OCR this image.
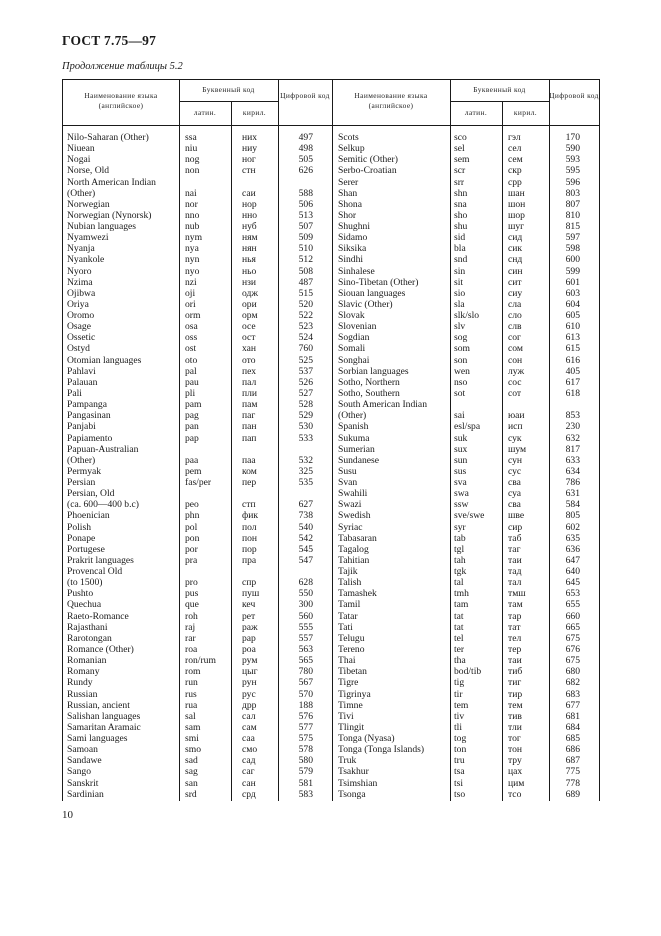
ГОСТ 7.75—97
Продолжение таблицы 5.2
Наименование языка (английское)
Буквенный код
латин.	кирил.
Цифровой код	Наименование языка (английское)
Буквенный код
латин.	кирил.
Цифровой код
Nilo-Saharan (Other)	ssa	ниx	497	Scots	sco	гэл	170
Niuean	niu	ниу	498	Selkup	sel	сел	590
Nogai	nog	ног	505	Semitic (Other)	sem	сем	593
Norse, Old	non	стн	626	Serbo-Croatian	scr	скр	595
North American Indian	Serer	srr	срр	596
(Other)	nai	саи	588	Shan	shn	шан	803
Norwegian	nor	нор	506	Shona	sna	шон	807
Norwegian (Nynorsk)	nno	нно	513	Shor	sho	шор	810
Nubian languages	nub	нуб	507	Shughni	shu	шуг	815
Nyamwezi	nym	ням	509	Sidamo	sid	сид	597
Nyanja	nya	нян	510	Siksika	bla	сик	598
Nyankole	nyn	нья	512	Sindhi	snd	снд	600
Nyoro	nyo	ньо	508	Sinhalese	sin	син	599
Nzima	nzi	нзи	487	Sino-Tibetan (Other)	sit	сит	601
Ojibwa	oji	одж	515	Siouan languages	sio	сиу	603
Oriya	ori	ори	520	Slavic (Other)	sla	сла	604
Oromo	orm	орм	522	Slovak	slk/slo	сло	605
Osage	osa	осе	523	Slovenian	slv	слв	610
Ossetic	oss	ост	524	Sogdian	sog	сог	613
Ostyd	ost	хан	760	Somali	som	сом	615
Otomian languages	oto	ото	525	Songhai	son	сон	616
Pahlavi	pal	пех	537	Sorbian languages	wen	луж	405
Palauan	pau	пал	526	Sotho, Northern	nso	сос	617
Pali	pli	пли	527	Sotho, Southern	sot	сот	618
Pampanga	pam	пам	528	South American Indian
Pangasinan	pag	паг	529	(Other)	sai	юаи	853
Panjabi	pan	пан	530	Spanish	esl/spa	исп	230
Papiamento	pap	пап	533	Sukuma	suk	сук	632
Papuan-Australian	Sumerian	sux	шум	817
(Other)	paa	паа	532	Sundanese	sun	сун	633
Permyak	pem	ком	325	Susu	sus	суc	634
Persian	fas/per	пер	535	Svan	sva	сва	786
Persian, Old	Swahili	swa	суа	631
(ca. 600—400 b.c)	peo	стп	627	Swazi	ssw	сва	584
Phoenician	phn	фик	738	Swedish	sve/swe шве	805
Polish	pol	пол	540	Syriac	syr	сир	602
Ponape	pon	пон	542	Tabasaran	tab	таб	635
Portugese	por	пор	545	Tagalog	tgl	таг	636
Prakrit languages	pra	пра	547	Tahitian	tah	таи	647
Provencal Old	Tajik	tgk	тад	640
(to 1500)	pro	спр	628	Talish	tal	тал	645
Pushto	pus	пуш	550	Tamashek	tmh	тмш	653
Quechua	que	кеч	300	Tamil	tam	там	655
Raeto-Romance	roh	рет	560	Tatar	tat	тар	660
Rajasthani	raj	раж	555	Tati	tat	тат	665
Rarotongan	rar	рар	557	Telugu	tel	тел	675
Romance (Other)	roa	роа	563	Tereno	ter	тер	676
Romanian	ron/rum	рум	565	Thai	tha	таи	675
Romany	rom	цыг	780	Tibetan	bod/tib	тиб	680
Rundy	run	рун	567	Tigre	tig	тиг	682
Russian	rus	рус	570	Tigrinya	tir	тир	683
Russian, ancient	rua	дрр	188	Timne	tem	тем	677
Salishan languages	sal	сал	576	Tivi	tiv	тив	681
Samaritan Aramaic	sam	сам	577	Tlingit	tli	тли	684
Sami languages	smi	саа	575	Tonga (Nyasa)	tog	тог	685
Samoan	smo	смо	578	Tonga (Tonga Islands)	ton	тон	686
Sandawe	sad	сад	580	Truk	tru	тру	687
Sango	sag	саг	579	Tsakhur	tsa	цах	775
Sanskrit	san	сан	581	Tsimshian	tsi	цим	778
Sardinian	srd	срд	583	Tsonga	tso	тсо	689
10
